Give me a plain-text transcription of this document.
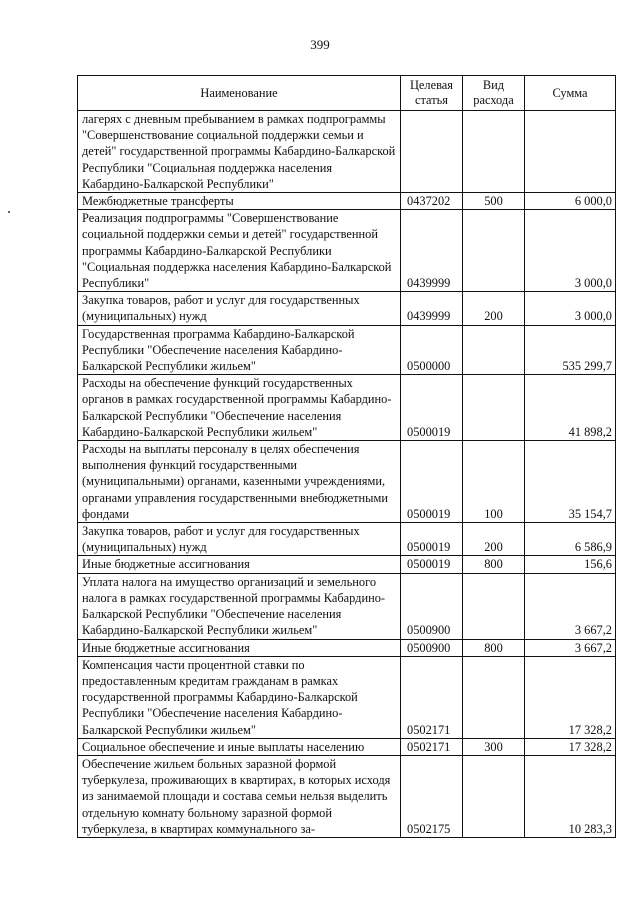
399
Наименование	Целевая статья	Вид расхода	Сумма
лагерях с дневным пребыванием в рамках подпрограммы "Совершенствование социальной поддержки семьи и детей" государственной программы Кабардино-Балкарской Республики "Социальная поддержка населения Кабардино-Балкарской Республики"			
Межбюджетные трансферты	0437202	500	6 000,0
Реализация подпрограммы "Совершенствование социальной поддержки семьи и детей" государственной программы Кабардино-Балкарской Республики "Социальная поддержка населения Кабардино-Балкарской Республики"	0439999		3 000,0
Закупка товаров, работ и услуг для государственных (муниципальных) нужд	0439999	200	3 000,0
Государственная программа Кабардино-Балкарской Республики "Обеспечение населения Кабардино-Балкарской Республики жильем"	0500000		535 299,7
Расходы на обеспечение функций государственных органов в рамках государственной программы Кабардино-Балкарской Республики "Обеспечение населения Кабардино-Балкарской Республики жильем"	0500019		41 898,2
Расходы на выплаты персоналу в целях обеспечения выполнения функций государственными (муниципальными) органами, казенными учреждениями, органами управления государственными внебюджетными фондами	0500019	100	35 154,7
Закупка товаров, работ и услуг для государственных (муниципальных) нужд	0500019	200	6 586,9
Иные бюджетные ассигнования	0500019	800	156,6
Уплата налога на имущество организаций и земельного налога в рамках государственной программы Кабардино-Балкарской Республики "Обеспечение населения Кабардино-Балкарской Республики жильем"	0500900		3 667,2
Иные бюджетные ассигнования	0500900	800	3 667,2
Компенсация части процентной ставки по предоставленным кредитам гражданам в рамках государственной программы Кабардино-Балкарской Республики "Обеспечение населения Кабардино-Балкарской Республики жильем"	0502171		17 328,2
Социальное обеспечение и иные выплаты населению	0502171	300	17 328,2
Обеспечение жильем больных заразной формой туберкулеза, проживающих в квартирах, в которых исходя из занимаемой площади и состава семьи нельзя выделить отдельную комнату больному заразной формой туберкулеза, в квартирах коммунального за-	0502175		10 283,3
